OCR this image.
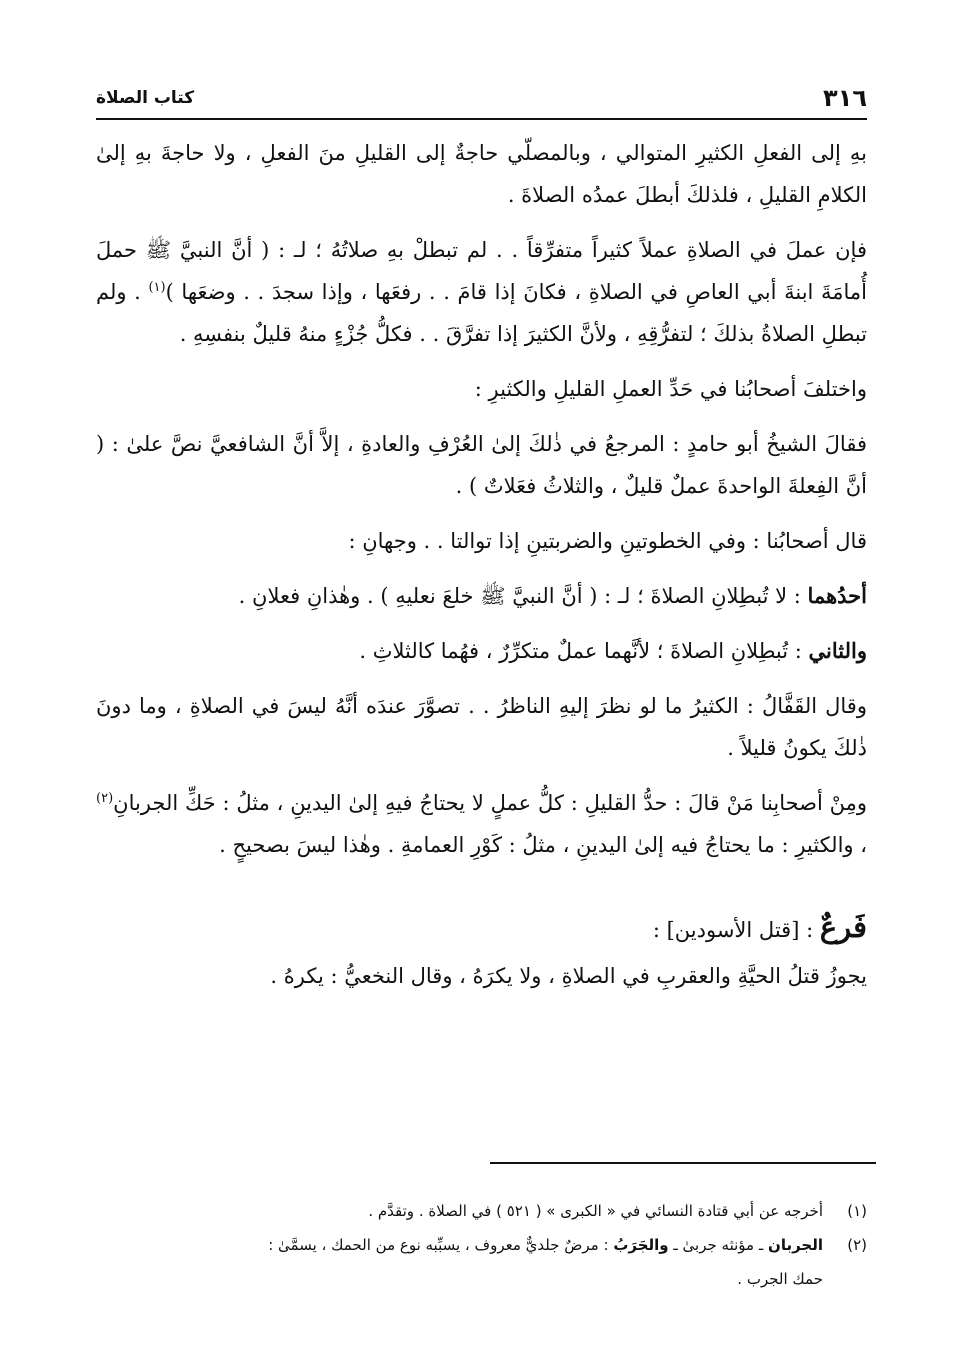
٣١٦
كتاب الصلاة

بهِ إلى الفعلِ الكثيرِ المتوالي ، وبالمصلّي حاجةٌ إلى القليلِ منَ الفعلِ ، ولا حاجةَ بهِ إلىٰ الكلامِ القليلِ ، فلذلكَ أبطلَ عمدُه الصلاةَ .

فإن عملَ في الصلاةِ عملاً كثيراً متفرِّقاً . . لم تبطلْ بهِ صلاتُهُ ؛ لـ : ( أنَّ النبيَّ ﷺ حملَ أُمامَةَ ابنةَ أبي العاصِ في الصلاةِ ، فكانَ إذا قامَ . . رفعَها ، وإذا سجدَ . . وضعَها )$^{(١)}$ . ولم تبطلِ الصلاةُ بذلكَ ؛ لتفرُّقِهِ ، ولأنَّ الكثيرَ إذا تفرَّقَ . . فكلُّ جُزْءٍ منهُ قليلٌ بنفسِهِ .

واختلفَ أصحابُنا في حَدِّ العملِ القليلِ والكثيرِ :

فقالَ الشيخُ أبو حامدٍ : المرجعُ في ذٰلكَ إلىٰ العُرْفِ والعادةِ ، إلاَّ أنَّ الشافعيَّ نصَّ علىٰ : ( أنَّ الفِعلةَ الواحدةَ عملٌ قليلٌ ، والثلاثُ فعَلاتٌ ) .

قال أصحابُنا : وفي الخطوتينِ والضربتينِ إذا توالتا . . وجهانِ :

أحدُهما : لا تُبطِلانِ الصلاةَ ؛ لـ : ( أنَّ النبيَّ ﷺ خلعَ نعليهِ ) . وهٰذانِ فعلانِ .

والثاني : تُبطِلانِ الصلاةَ ؛ لأنَّهما عملٌ متكرِّرٌ ، فهُما كالثلاثِ .

وقال القَفَّالُ : الكثيرُ ما لو نظرَ إليهِ الناظرُ . . تصوَّرَ عندَه أنَّهُ ليسَ في الصلاةِ ، وما دونَ ذٰلكَ يكونُ قليلاً .

ومِنْ أصحابِنا مَنْ قالَ : حدُّ القليلِ : كلُّ عملٍ لا يحتاجُ فيهِ إلىٰ اليدينِ ، مثلُ : حَكِّ الجربانِ$^{(٢)}$ ، والكثيرِ : ما يحتاجُ فيه إلىٰ اليدينِ ، مثلُ : كَوْرِ العمامةِ . وهٰذا ليسَ بصحيحٍ .

فَرعٌ : [قتل الأسودين] :

يجوزُ قتلُ الحيَّةِ والعقربِ في الصلاةِ ، ولا يكرَهُ ، وقال النخعيُّ : يكرهُ .

(١)أخرجه عن أبي قتادة النسائي في « الكبرى » ( ٥٢١ ) في الصلاة . وتقدَّم .

(٢)الجربان ـ مؤنثه جربىٰ ـ والجَرَبُ : مرضٌ جلديٌّ معروف ، يسبِّبه نوع من الحمك ، يسمَّىٰ :

حمك الجرب .
